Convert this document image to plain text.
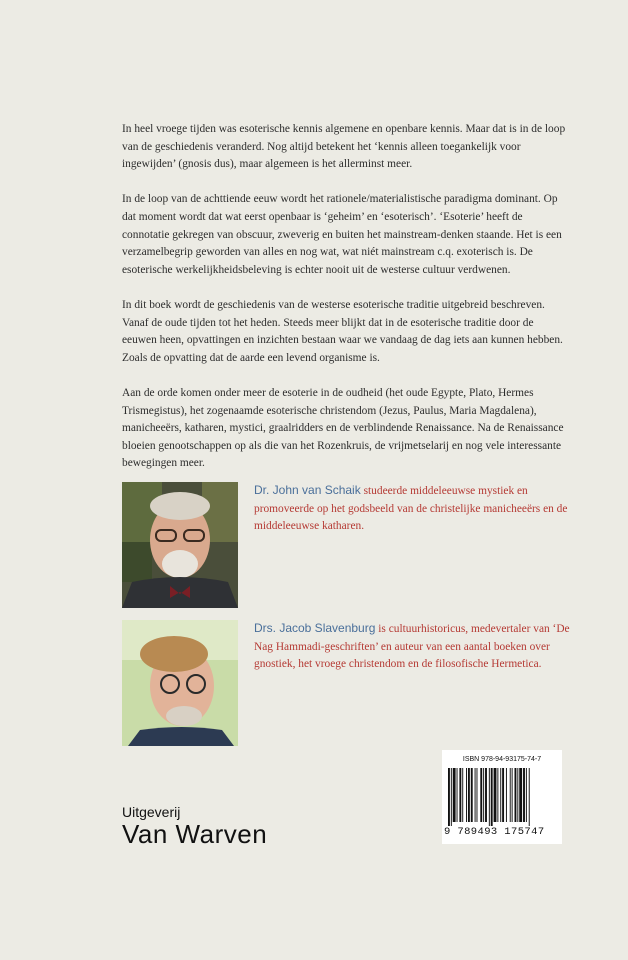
In heel vroege tijden was esoterische kennis algemene en openbare kennis. Maar dat is in de loop van de geschiedenis veranderd. Nog altijd betekent het ‘kennis alleen toegankelijk voor ingewijden’ (gnosis dus), maar algemeen is het allerminst meer.

In de loop van de achttiende eeuw wordt het rationele/materialistische paradigma dominant. Op dat moment wordt dat wat eerst openbaar is ‘geheim’ en ‘esoterisch’. ‘Esoterie’ heeft de connotatie gekregen van obscuur, zweverig en buiten het mainstream-denken staande. Het is een verzamelbegrip geworden van alles en nog wat, wat niét mainstream c.q. exoterisch is. De esoterische werkelijkheidsbeleving is echter nooit uit de westerse cultuur verdwenen.

In dit boek wordt de geschiedenis van de westerse esoterische traditie uitgebreid beschreven. Vanaf de oude tijden tot het heden. Steeds meer blijkt dat in de esoterische traditie door de eeuwen heen, opvattingen en inzichten bestaan waar we vandaag de dag iets aan kunnen hebben. Zoals de opvatting dat de aarde een levend organisme is.

Aan de orde komen onder meer de esoterie in de oudheid (het oude Egypte, Plato, Hermes Trismegistus), het zogenaamde esoterische christendom (Jezus, Paulus, Maria Magdalena), manicheeërs, katharen, mystici, graalridders en de verblindende Renaissance. Na de Renaissance bloeien genootschappen op als die van het Rozenkruis, de vrijmetselarij en nog vele interessante bewegingen meer.

Dr. John van Schaik studeerde middeleeuwse mystiek en promoveerde op het godsbeeld van de christelijke manicheeërs en de middeleeuwse katharen.
Drs. Jacob Slavenburg is cultuurhistoricus, medevertaler van ‘De Nag Hammadi-geschriften’ en auteur van een aantal boeken over gnostiek, het vroege christendom en de filosofische Hermetica.
Uitgeverij
Van Warven
ISBN 978-94-93175-74-7
9 789493 175747
